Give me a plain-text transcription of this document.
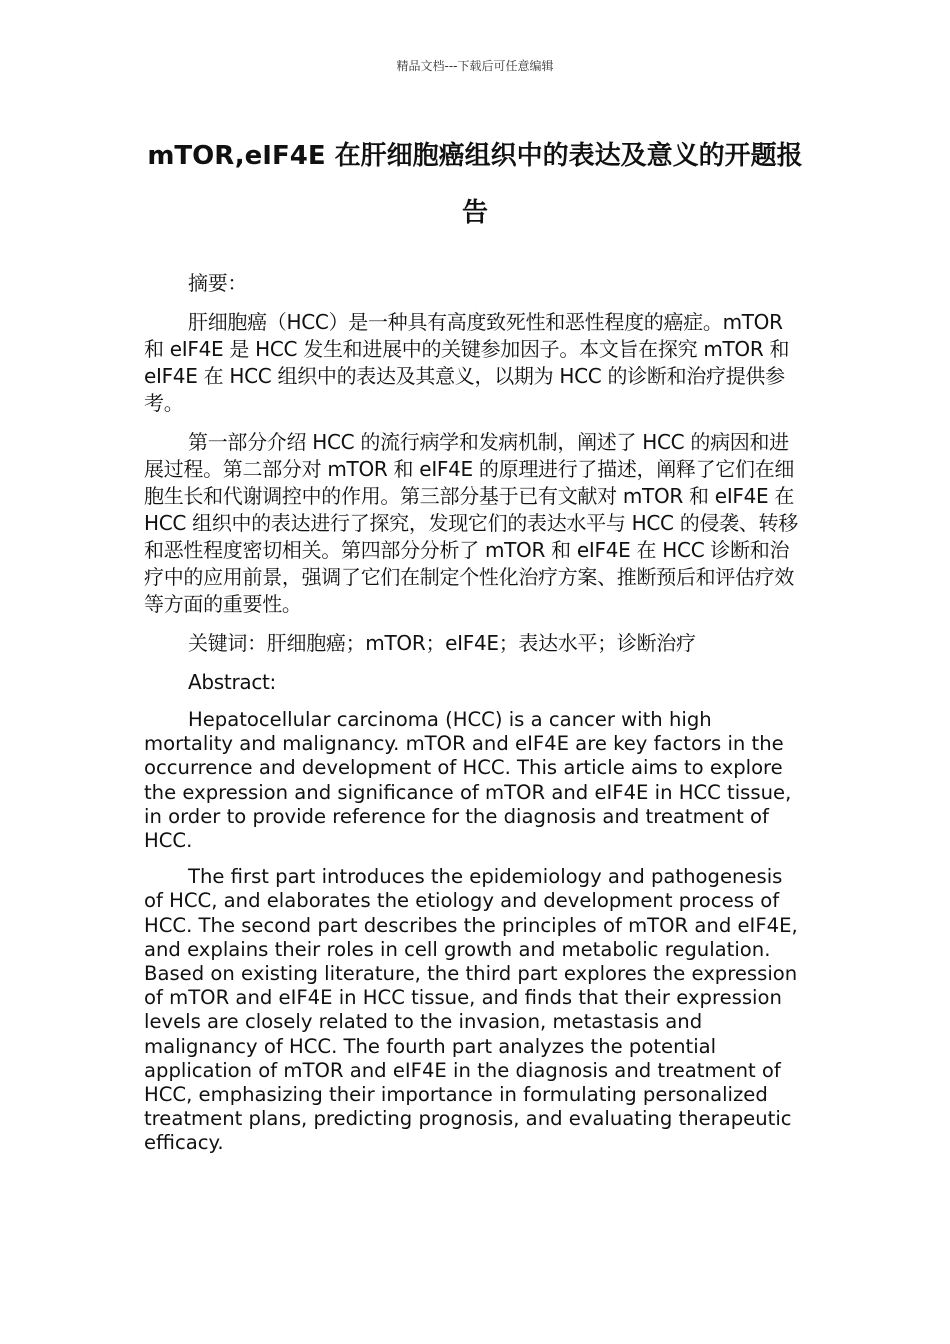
精品文档---下载后可任意编辑
mTOR,eIF4E 在肝细胞癌组织中的表达及意义的开题报告

摘要：

肝细胞癌（HCC）是一种具有高度致死性和恶性程度的癌症。mTOR 和 eIF4E 是 HCC 发生和进展中的关键参加因子。本文旨在探究 mTOR 和 eIF4E 在 HCC 组织中的表达及其意义，以期为 HCC 的诊断和治疗提供参考。

第一部分介绍 HCC 的流行病学和发病机制，阐述了 HCC 的病因和进展过程。第二部分对 mTOR 和 eIF4E 的原理进行了描述，阐释了它们在细胞生长和代谢调控中的作用。第三部分基于已有文献对 mTOR 和 eIF4E 在 HCC 组织中的表达进行了探究，发现它们的表达水平与 HCC 的侵袭、转移和恶性程度密切相关。第四部分分析了 mTOR 和 eIF4E 在 HCC 诊断和治疗中的应用前景，强调了它们在制定个性化治疗方案、推断预后和评估疗效等方面的重要性。

关键词：肝细胞癌；mTOR；eIF4E；表达水平；诊断治疗

Abstract:

Hepatocellular carcinoma (HCC) is a cancer with high mortality and malignancy. mTOR and eIF4E are key factors in the occurrence and development of HCC. This article aims to explore the expression and significance of mTOR and eIF4E in HCC tissue, in order to provide reference for the diagnosis and treatment of HCC.

The first part introduces the epidemiology and pathogenesis of HCC, and elaborates the etiology and development process of HCC. The second part describes the principles of mTOR and eIF4E, and explains their roles in cell growth and metabolic regulation. Based on existing literature, the third part explores the expression of mTOR and eIF4E in HCC tissue, and finds that their expression levels are closely related to the invasion, metastasis and malignancy of HCC. The fourth part analyzes the potential application of mTOR and eIF4E in the diagnosis and treatment of HCC, emphasizing their importance in formulating personalized treatment plans, predicting prognosis, and evaluating therapeutic efficacy.
